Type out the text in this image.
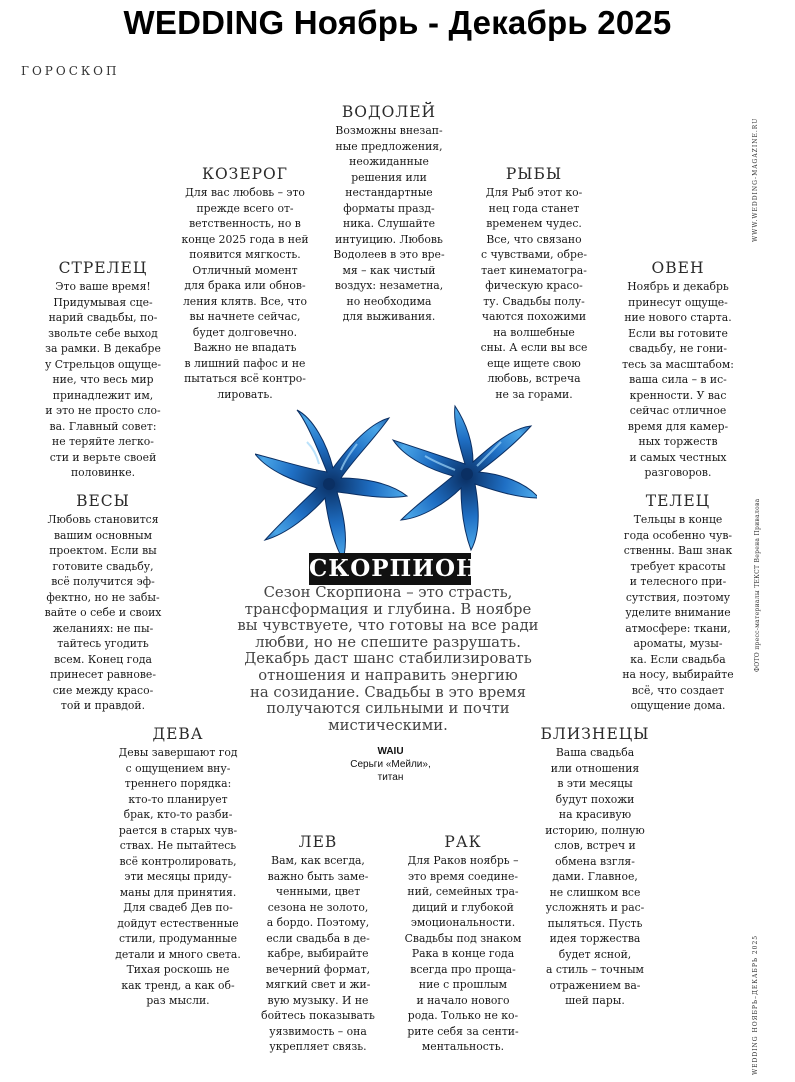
WEDDING Ноябрь - Декабрь 2025
ГОРОСКОП
WWW.WEDDING-MAGAZINE.RU
ФОТО пресс-материалы ТЕКСТ Верена Привалова
WEDDING НОЯБРЬ–ДЕКАБРЬ 2025
ВОДОЛЕЙ
Возможны внезап-
ные предложения,
неожиданные
решения или
нестандартные
форматы празд-
ника. Слушайте
интуицию. Любовь
Водолеев в это вре-
мя – как чистый
воздух: незаметна,
но необходима
для выживания.
КОЗЕРОГ
Для вас любовь – это
прежде всего от-
ветственность, но в
конце 2025 года в ней
появится мягкость.
Отличный момент
для брака или обнов-
ления клятв. Все, что
вы начнете сейчас,
будет долговечно.
Важно не впадать
в лишний пафос и не
пытаться всё контро-
лировать.
РЫБЫ
Для Рыб этот ко-
нец года станет
временем чудес.
Все, что связано
с чувствами, обре-
тает кинематогра-
фическую красо-
ту. Свадьбы полу-
чаются похожими
на волшебные
сны. А если вы все
еще ищете свою
любовь, встреча
не за горами.
СТРЕЛЕЦ
Это ваше время!
Придумывая сце-
нарий свадьбы, по-
звольте себе выход
за рамки. В декабре
у Стрельцов ощуще-
ние, что весь мир
принадлежит им,
и это не просто сло-
ва. Главный совет:
не теряйте легко-
сти и верьте своей
половинке.
ОВЕН
Ноябрь и декабрь
принесут ощуще-
ние нового старта.
Если вы готовите
свадьбу, не гони-
тесь за масштабом:
ваша сила – в ис-
кренности. У вас
сейчас отличное
время для камер-
ных торжеств
и самых честных
разговоров.
ВЕСЫ
Любовь становится
вашим основным
проектом. Если вы
готовите свадьбу,
всё получится эф-
фектно, но не забы-
вайте о себе и своих
желаниях: не пы-
тайтесь угодить
всем. Конец года
принесет равнове-
сие между красо-
той и правдой.
ТЕЛЕЦ
Тельцы в конце
года особенно чув-
ственны. Ваш знак
требует красоты
и телесного при-
сутствия, поэтому
уделите внимание
атмосфере: ткани,
ароматы, музы-
ка. Если свадьба
на носу, выбирайте
всё, что создает
ощущение дома.
СКОРПИОН
Сезон Скорпиона – это страсть,
трансформация и глубина. В ноябре
вы чувствуете, что готовы на все ради
любви, но не спешите разрушать.
Декабрь даст шанс стабилизировать
отношения и направить энергию
на созидание. Свадьбы в это время
получаются сильными и почти
мистическими.
WAIU
Серьги «Мейли»,
титан
ДЕВА
Девы завершают год
с ощущением вну-
треннего порядка:
кто-то планирует
брак, кто-то разби-
рается в старых чув-
ствах. Не пытайтесь
всё контролировать,
эти месяцы приду-
маны для принятия.
Для свадеб Дев по-
дойдут естественные
стили, продуманные
детали и много света.
Тихая роскошь не
как тренд, а как об-
раз мысли.
БЛИЗНЕЦЫ
Ваша свадьба
или отношения
в эти месяцы
будут похожи
на красивую
историю, полную
слов, встреч и
обмена взгля-
дами. Главное,
не слишком все
усложнять и рас-
пыляться. Пусть
идея торжества
будет ясной,
а стиль – точным
отражением ва-
шей пары.
ЛЕВ
Вам, как всегда,
важно быть заме-
ченными, цвет
сезона не золото,
а бордо. Поэтому,
если свадьба в де-
кабре, выбирайте
вечерний формат,
мягкий свет и жи-
вую музыку. И не
бойтесь показывать
уязвимость – она
укрепляет связь.
РАК
Для Раков ноябрь –
это время соедине-
ний, семейных тра-
диций и глубокой
эмоциональности.
Свадьбы под знаком
Рака в конце года
всегда про проща-
ние с прошлым
и начало нового
рода. Только не ко-
рите себя за сенти-
ментальность.
